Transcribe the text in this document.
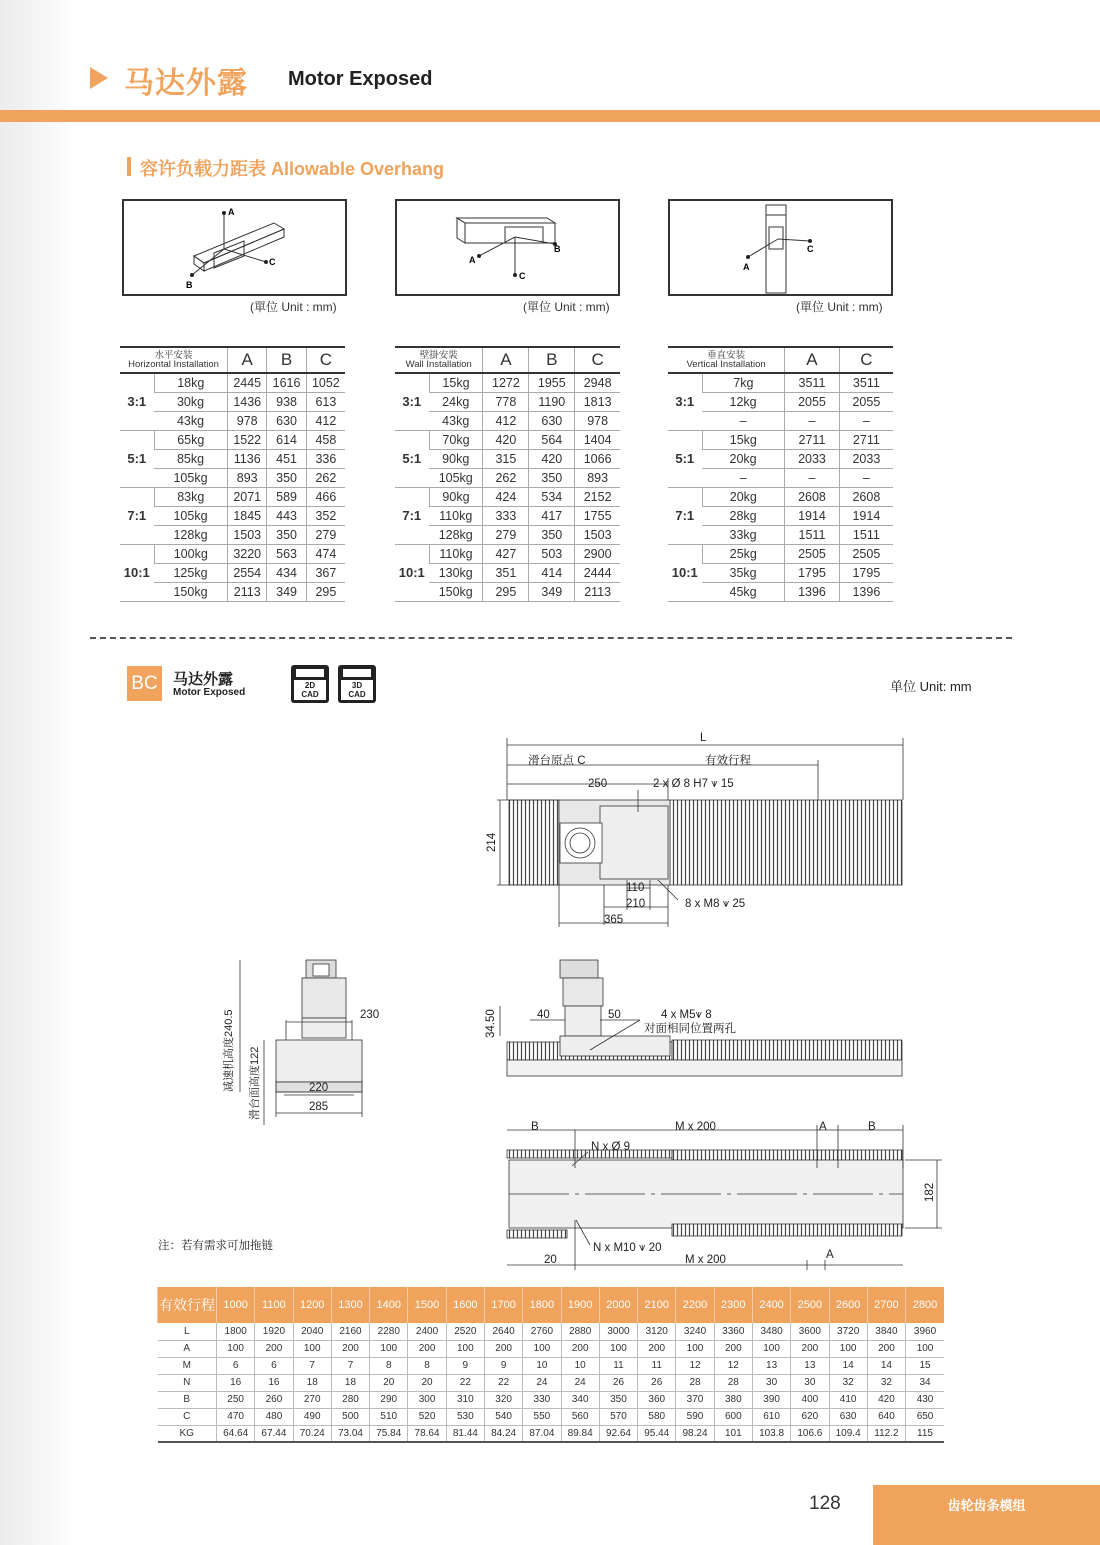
马达外露 Motor Exposed
容许负载力距表 Allowable Overhang
A
B
C
(單位 Unit : mm)
A
C
B
(單位 Unit : mm)
A
C
(單位 Unit : mm)
水平安装
Horizontal Installation		A	B	C
3:1	18kg	2445	1616	1052
	30kg	1436	938	613
	43kg	978	630	412
5:1	65kg	1522	614	458
	85kg	1136	451	336
	105kg	893	350	262
7:1	83kg	2071	589	466
	105kg	1845	443	352
	128kg	1503	350	279
10:1	100kg	3220	563	474
	125kg	2554	434	367
	150kg	2113	349	295
壁掛安裝
Wall Installation		A	B	C
3:1	15kg	1272	1955	2948
	24kg	778	1190	1813
	43kg	412	630	978
5:1	70kg	420	564	1404
	90kg	315	420	1066
	105kg	262	350	893
7:1	90kg	424	534	2152
	110kg	333	417	1755
	128kg	279	350	1503
10:1	110kg	427	503	2900
	130kg	351	414	2444
	150kg	295	349	2113
垂直安装
Vertical Installation		A	C
3:1	7kg	3511	3511
	12kg	2055	2055
	–	–	–
5:1	15kg	2711	2711
	20kg	2033	2033
	–	–	–
7:1	20kg	2608	2608
	28kg	1914	1914
	33kg	1511	1511
10:1	25kg	2505	2505
	35kg	1795	1795
	45kg	1396	1396
BC 马达外露
Motor Exposed
2D
CAD
3D
CAD
单位 Unit: mm
L
滑台原点 C	有效行程
250	2 x Ø 8 H7 ⩛ 15
214
110
210
365
8 x M8 ⩛ 25
230
220
285
减速机高度240.5 滑台面高度122
34.50	40	50	4 x M5⩛ 8
对面相同位置两孔
B	M x 200	A	B
N x Ø 9
182
N x M10 ⩛ 20
20	M x 200	A
注：若有需求可加拖链
有效行程	1000	1100	1200	1300	1400	1500	1600	1700	1800	1900	2000	2100	2200	2300	2400	2500	2600	2700	2800
L	1800	1920	2040	2160	2280	2400	2520	2640	2760	2880	3000	3120	3240	3360	3480	3600	3720	3840	3960
A	100	200	100	200	100	200	100	200	100	200	100	200	100	200	100	200	100	200	100
M	6	6	7	7	8	8	9	9	10	10	11	11	12	12	13	13	14	14	15
N	16	16	18	18	20	20	22	22	24	24	26	26	28	28	30	30	32	32	34
B	250	260	270	280	290	300	310	320	330	340	350	360	370	380	390	400	410	420	430
C	470	480	490	500	510	520	530	540	550	560	570	580	590	600	610	620	630	640	650
KG	64.64	67.44	70.24	73.04	75.84	78.64	81.44	84.24	87.04	89.84	92.64	95.44	98.24	101	103.8	106.6	109.4	112.2	115
128	齿轮齿条模组
